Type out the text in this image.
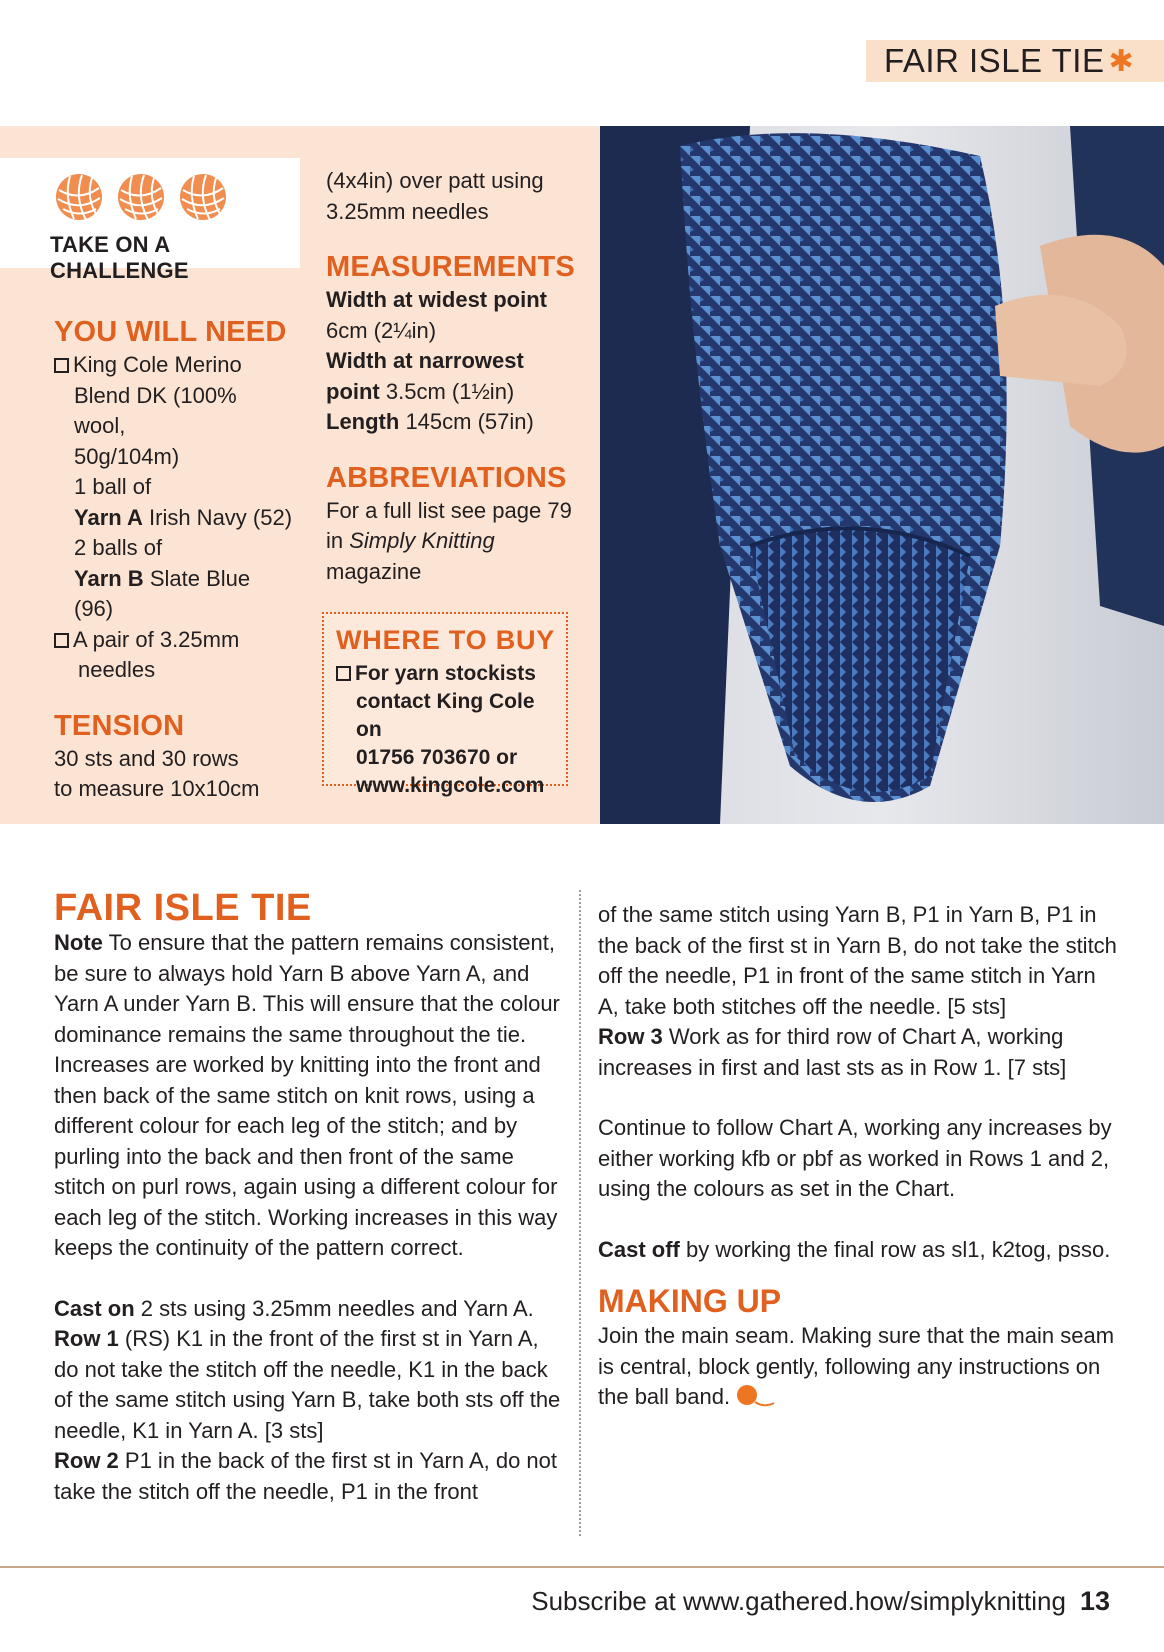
FAIR ISLE TIE ✱
TAKE ON A CHALLENGE
YOU WILL NEED
King Cole Merino
Blend DK (100% wool,
50g/104m)
1 ball of
Yarn A Irish Navy (52)
2 balls of
Yarn B Slate Blue (96)
A pair of 3.25mm
needles
TENSION
30 sts and 30 rows
to measure 10x10cm
(4x4in) over patt using
3.25mm needles
MEASUREMENTS
Width at widest point
6cm (2¼in)
Width at narrowest
point 3.5cm (1½in)
Length 145cm (57in)
ABBREVIATIONS
For a full list see page 79
in Simply Knitting
magazine
WHERE TO BUY
For yarn stockists
contact King Cole on
01756 703670 or
www.kingcole.com
FAIR ISLE TIE

Note To ensure that the pattern remains consistent, be sure to always hold Yarn B above Yarn A, and Yarn A under Yarn B. This will ensure that the colour dominance remains the same throughout the tie. Increases are worked by knitting into the front and then back of the same stitch on knit rows, using a different colour for each leg of the stitch; and by purling into the back and then front of the same stitch on purl rows, again using a different colour for each leg of the stitch. Working increases in this way keeps the continuity of the pattern correct.

Cast on 2 sts using 3.25mm needles and Yarn A.

Row 1 (RS) K1 in the front of the first st in Yarn A, do not take the stitch off the needle, K1 in the back of the same stitch using Yarn B, take both sts off the needle, K1 in Yarn A. [3 sts]

Row 2 P1 in the back of the first st in Yarn A, do not take the stitch off the needle, P1 in the front

of the same stitch using Yarn B, P1 in Yarn B, P1 in the back of the first st in Yarn B, do not take the stitch off the needle, P1 in front of the same stitch in Yarn A, take both stitches off the needle. [5 sts]

Row 3 Work as for third row of Chart A, working increases in first and last sts as in Row 1. [7 sts]

Continue to follow Chart A, working any increases by either working kfb or pbf as worked in Rows 1 and 2, using the colours as set in the Chart.

Cast off by working the final row as sl1, k2tog, psso.

MAKING UP

Join the main seam. Making sure that the main seam is central, block gently, following any instructions on the ball band.

Subscribe at www.gathered.how/simplyknitting 13
